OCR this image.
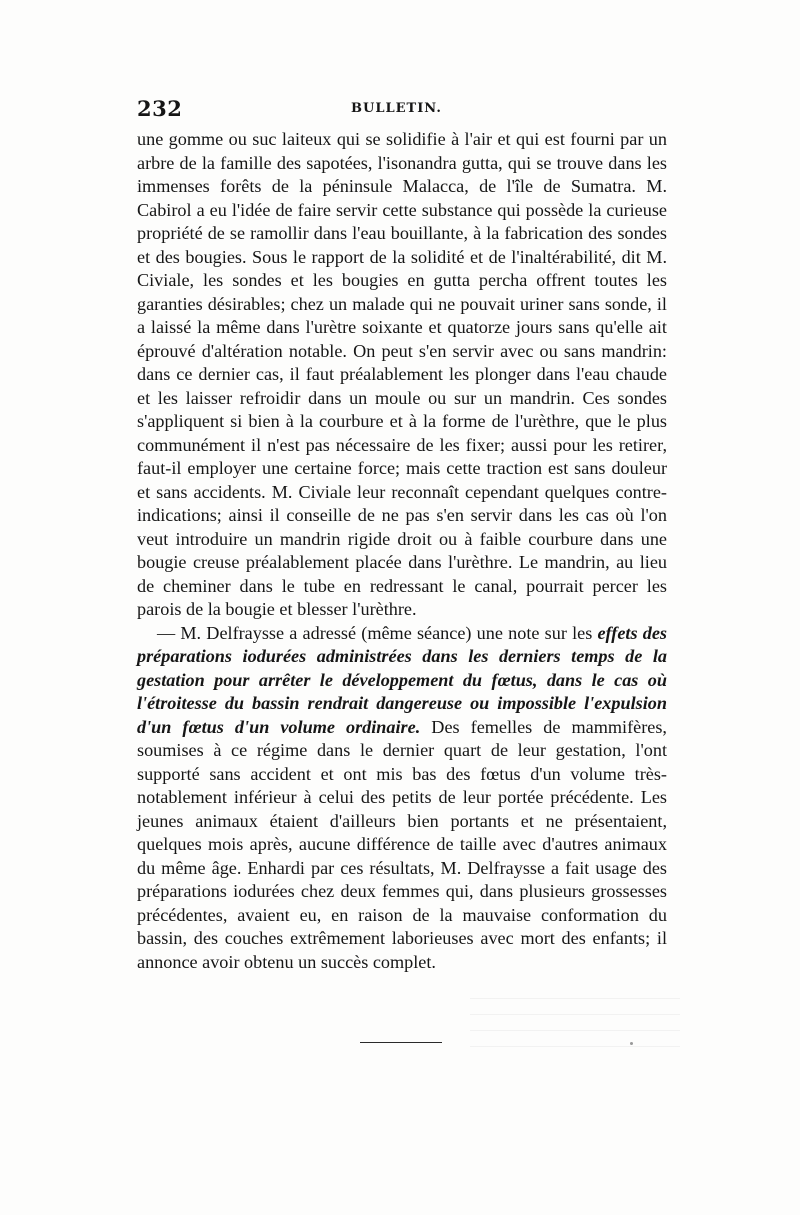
232	BULLETIN.

une gomme ou suc laiteux qui se solidifie à l'air et qui est fourni par un arbre de la famille des sapotées, l'isonandra gutta, qui se trouve dans les immenses forêts de la péninsule Malacca, de l'île de Sumatra. M. Cabirol a eu l'idée de faire servir cette substance qui possède la curieuse propriété de se ramollir dans l'eau bouillante, à la fabrication des sondes et des bougies. Sous le rapport de la solidité et de l'inaltérabilité, dit M. Civiale, les sondes et les bougies en gutta percha offrent toutes les garanties désirables; chez un malade qui ne pouvait uriner sans sonde, il a laissé la même dans l'urètre soixante et quatorze jours sans qu'elle ait éprouvé d'altération notable. On peut s'en servir avec ou sans mandrin: dans ce dernier cas, il faut préalablement les plonger dans l'eau chaude et les laisser refroidir dans un moule ou sur un mandrin. Ces sondes s'appliquent si bien à la courbure et à la forme de l'urèthre, que le plus communément il n'est pas nécessaire de les fixer; aussi pour les retirer, faut-il employer une certaine force; mais cette traction est sans douleur et sans accidents. M. Civiale leur reconnaît cependant quelques contre-indications; ainsi il conseille de ne pas s'en servir dans les cas où l'on veut introduire un mandrin rigide droit ou à faible courbure dans une bougie creuse préalablement placée dans l'urèthre. Le mandrin, au lieu de cheminer dans le tube en redressant le canal, pourrait percer les parois de la bougie et blesser l'urèthre.

— M. Delfraysse a adressé (même séance) une note sur les effets des préparations iodurées administrées dans les derniers temps de la gestation pour arrêter le développement du fœtus, dans le cas où l'étroitesse du bassin rendrait dangereuse ou impossible l'expulsion d'un fœtus d'un volume ordinaire. Des femelles de mammifères, soumises à ce régime dans le dernier quart de leur gestation, l'ont supporté sans accident et ont mis bas des fœtus d'un volume très-notablement inférieur à celui des petits de leur portée précédente. Les jeunes animaux étaient d'ailleurs bien portants et ne présentaient, quelques mois après, aucune différence de taille avec d'autres animaux du même âge. Enhardi par ces résultats, M. Delfraysse a fait usage des préparations iodurées chez deux femmes qui, dans plusieurs grossesses précédentes, avaient eu, en raison de la mauvaise conformation du bassin, des couches extrêmement laborieuses avec mort des enfants; il annonce avoir obtenu un succès complet.
